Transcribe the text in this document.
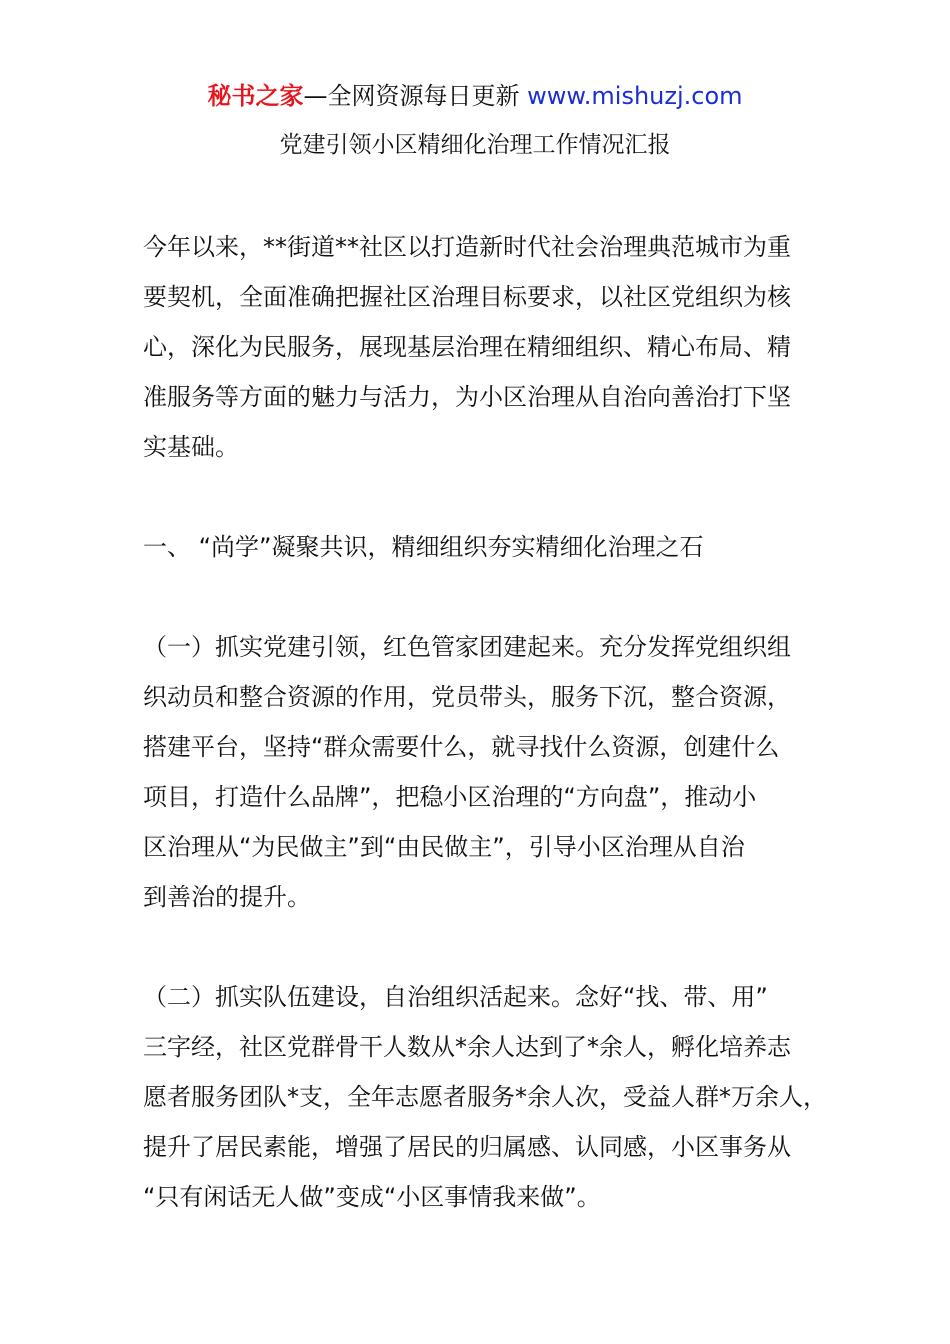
秘书之家—全网资源每日更新 www.mishuzj.com
党建引领小区精细化治理工作情况汇报

今年以来，**街道**社区以打造新时代社会治理典范城市为重

要契机，全面准确把握社区治理目标要求，以社区党组织为核

心，深化为民服务，展现基层治理在精细组织、精心布局、精

准服务等方面的魅力与活力，为小区治理从自治向善治打下坚

实基础。

一、 “尚学”凝聚共识，精细组织夯实精细化治理之石

（一）抓实党建引领，红色管家团建起来。充分发挥党组织组

织动员和整合资源的作用，党员带头，服务下沉，整合资源，

搭建平台，坚持“群众需要什么，就寻找什么资源，创建什么

项目，打造什么品牌”，把稳小区治理的“方向盘”，推动小

区治理从“为民做主”到“由民做主”，引导小区治理从自治

到善治的提升。

（二）抓实队伍建设，自治组织活起来。念好“找、带、用”

三字经，社区党群骨干人数从*余人达到了*余人，孵化培养志

愿者服务团队*支，全年志愿者服务*余人次，受益人群*万余人，

提升了居民素能，增强了居民的归属感、认同感，小区事务从

“只有闲话无人做”变成“小区事情我来做”。
